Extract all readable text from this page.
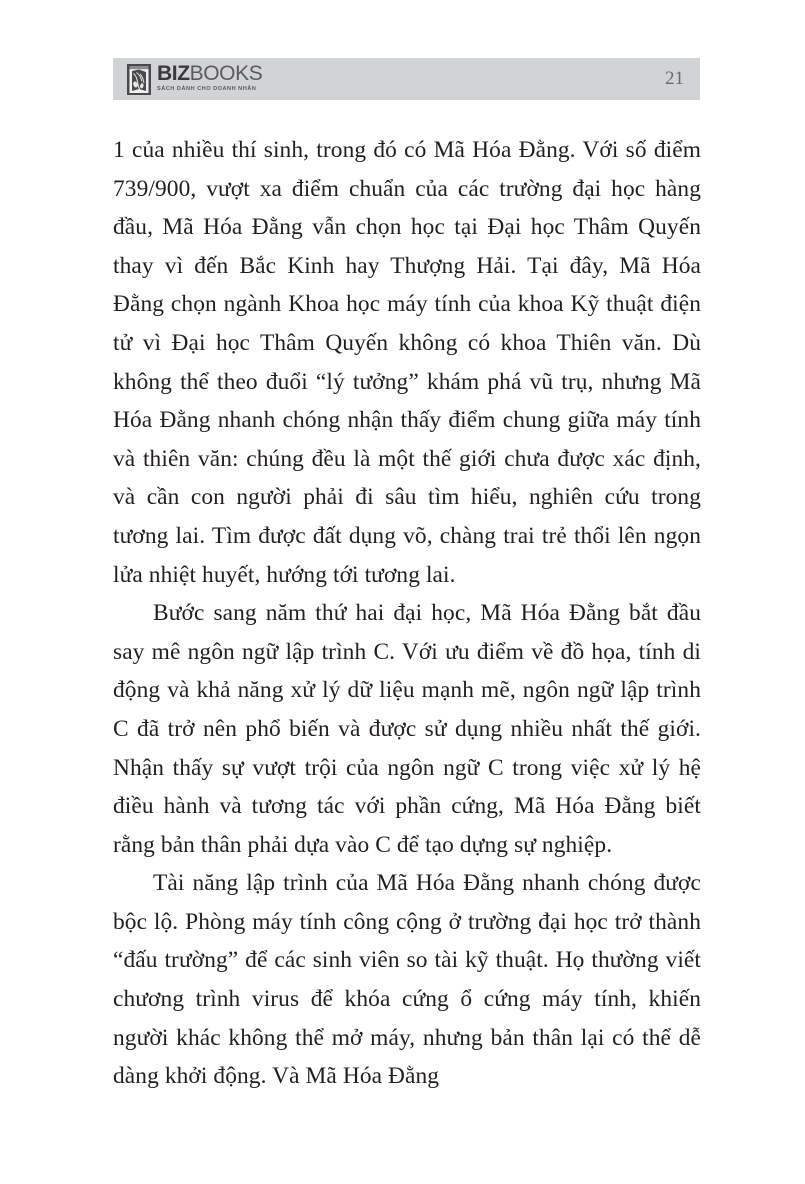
BIZBOOKS
SÁCH DÀNH CHO DOANH NHÂN
21

1 của nhiều thí sinh, trong đó có Mã Hóa Đằng. Với số điểm 739/900, vượt xa điểm chuẩn của các trường đại học hàng đầu, Mã Hóa Đằng vẫn chọn học tại Đại học Thâm Quyến thay vì đến Bắc Kinh hay Thượng Hải. Tại đây, Mã Hóa Đằng chọn ngành Khoa học máy tính của khoa Kỹ thuật điện tử vì Đại học Thâm Quyến không có khoa Thiên văn. Dù không thể theo đuổi “lý tưởng” khám phá vũ trụ, nhưng Mã Hóa Đằng nhanh chóng nhận thấy điểm chung giữa máy tính và thiên văn: chúng đều là một thế giới chưa được xác định, và cần con người phải đi sâu tìm hiểu, nghiên cứu trong tương lai. Tìm được đất dụng võ, chàng trai trẻ thổi lên ngọn lửa nhiệt huyết, hướng tới tương lai.

Bước sang năm thứ hai đại học, Mã Hóa Đằng bắt đầu say mê ngôn ngữ lập trình C. Với ưu điểm về đồ họa, tính di động và khả năng xử lý dữ liệu mạnh mẽ, ngôn ngữ lập trình C đã trở nên phổ biến và được sử dụng nhiều nhất thế giới. Nhận thấy sự vượt trội của ngôn ngữ C trong việc xử lý hệ điều hành và tương tác với phần cứng, Mã Hóa Đằng biết rằng bản thân phải dựa vào C để tạo dựng sự nghiệp.

Tài năng lập trình của Mã Hóa Đằng nhanh chóng được bộc lộ. Phòng máy tính công cộng ở trường đại học trở thành “đấu trường” để các sinh viên so tài kỹ thuật. Họ thường viết chương trình virus để khóa cứng ổ cứng máy tính, khiến người khác không thể mở máy, nhưng bản thân lại có thể dễ dàng khởi động. Và Mã Hóa Đằng
